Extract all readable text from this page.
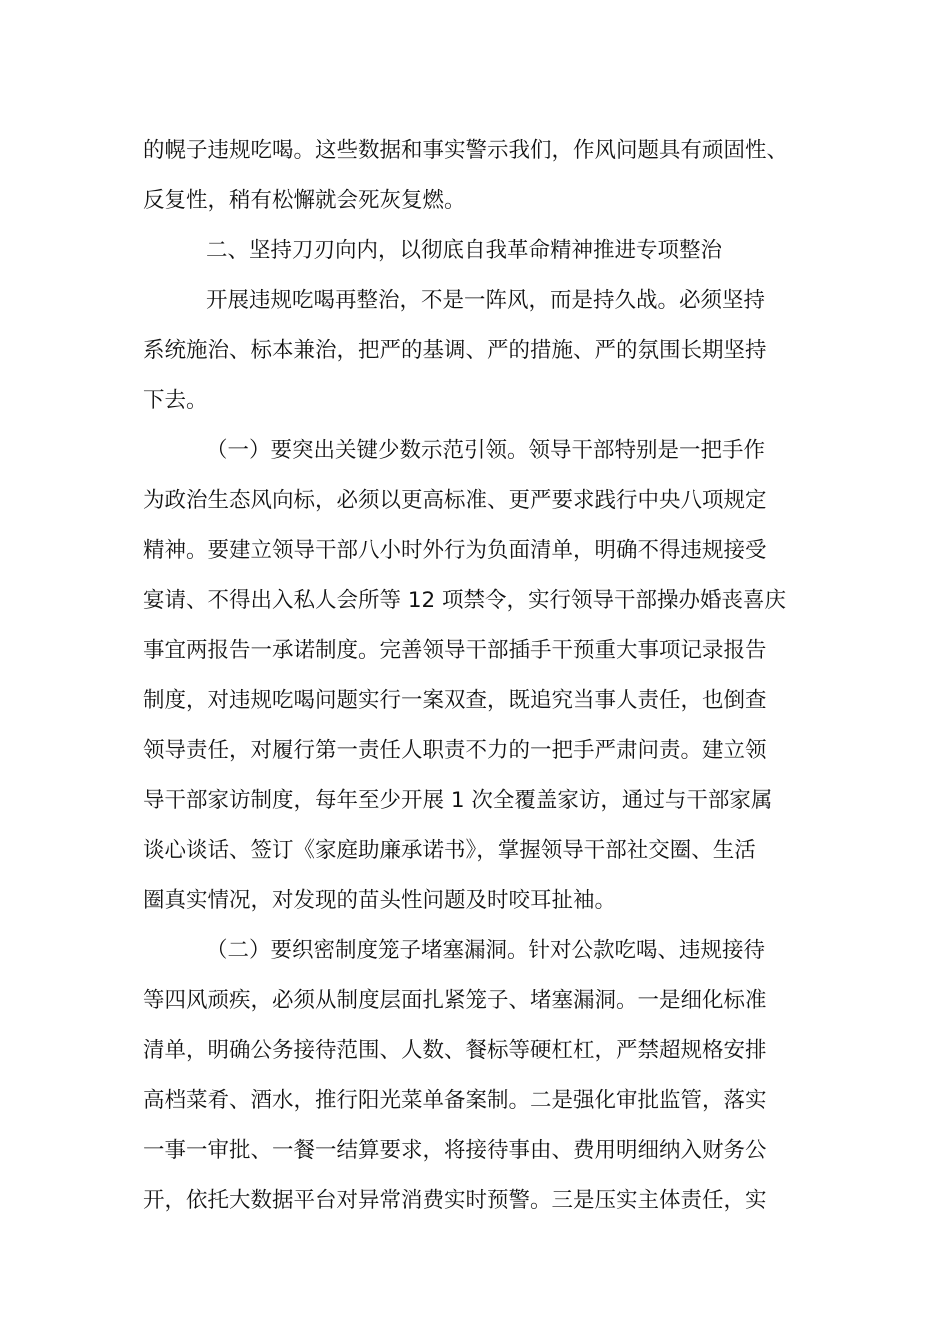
的幌子违规吃喝。这些数据和事实警示我们，作风问题具有顽固性、
反复性，稍有松懈就会死灰复燃。
二、坚持刀刃向内，以彻底自我革命精神推进专项整治
开展违规吃喝再整治，不是一阵风，而是持久战。必须坚持
系统施治、标本兼治，把严的基调、严的措施、严的氛围长期坚持
下去。
（一）要突出关键少数示范引领。领导干部特别是一把手作
为政治生态风向标，必须以更高标准、更严要求践行中央八项规定
精神。要建立领导干部八小时外行为负面清单，明确不得违规接受
宴请、不得出入私人会所等 12 项禁令，实行领导干部操办婚丧喜庆
事宜两报告一承诺制度。完善领导干部插手干预重大事项记录报告
制度，对违规吃喝问题实行一案双查，既追究当事人责任，也倒查
领导责任，对履行第一责任人职责不力的一把手严肃问责。建立领
导干部家访制度，每年至少开展 1 次全覆盖家访，通过与干部家属
谈心谈话、签订《家庭助廉承诺书》，掌握领导干部社交圈、生活
圈真实情况，对发现的苗头性问题及时咬耳扯袖。
（二）要织密制度笼子堵塞漏洞。针对公款吃喝、违规接待
等四风顽疾，必须从制度层面扎紧笼子、堵塞漏洞。一是细化标准
清单，明确公务接待范围、人数、餐标等硬杠杠，严禁超规格安排
高档菜肴、酒水，推行阳光菜单备案制。二是强化审批监管，落实
一事一审批、一餐一结算要求，将接待事由、费用明细纳入财务公
开，依托大数据平台对异常消费实时预警。三是压实主体责任，实
